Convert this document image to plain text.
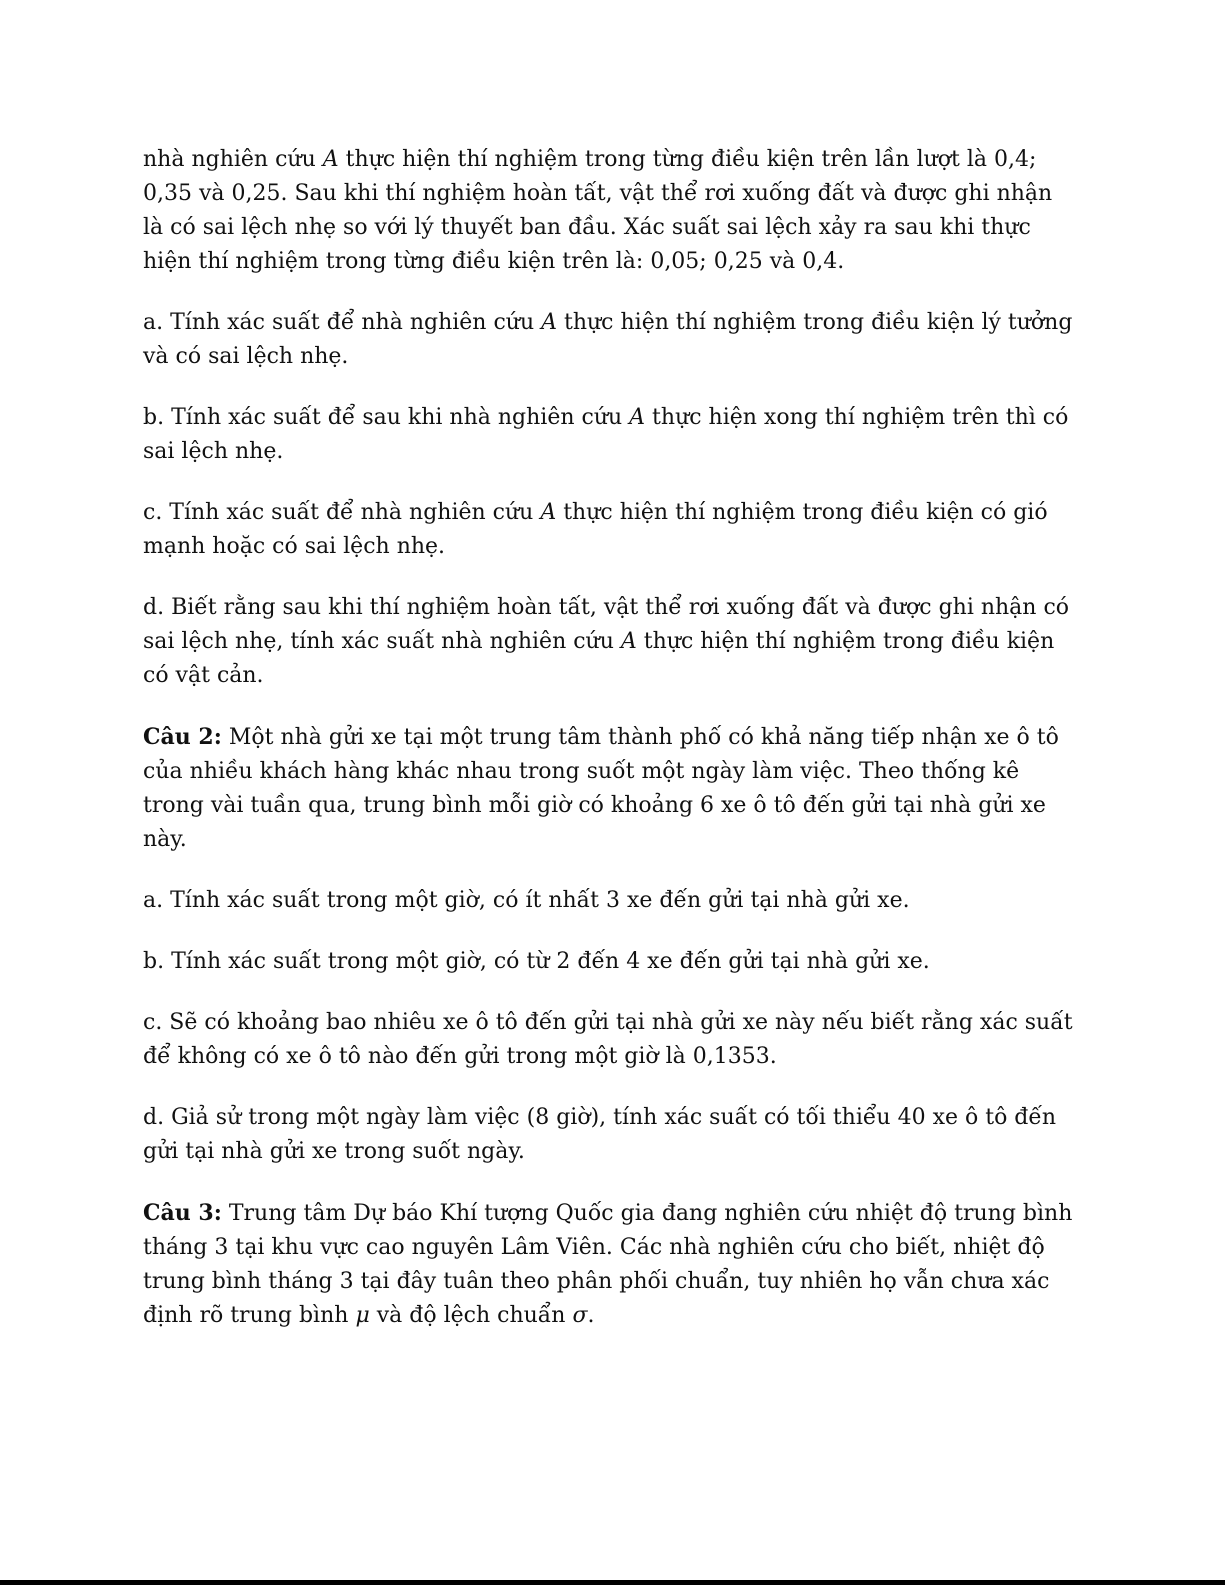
nhà nghiên cứu A thực hiện thí nghiệm trong từng điều kiện trên lần lượt là 0,4; 0,35 và 0,25. Sau khi thí nghiệm hoàn tất, vật thể rơi xuống đất và được ghi nhận là có sai lệch nhẹ so với lý thuyết ban đầu. Xác suất sai lệch xảy ra sau khi thực hiện thí nghiệm trong từng điều kiện trên là: 0,05; 0,25 và 0,4.

a. Tính xác suất để nhà nghiên cứu A thực hiện thí nghiệm trong điều kiện lý tưởng và có sai lệch nhẹ.

b. Tính xác suất để sau khi nhà nghiên cứu A thực hiện xong thí nghiệm trên thì có sai lệch nhẹ.

c. Tính xác suất để nhà nghiên cứu A thực hiện thí nghiệm trong điều kiện có gió mạnh hoặc có sai lệch nhẹ.

d. Biết rằng sau khi thí nghiệm hoàn tất, vật thể rơi xuống đất và được ghi nhận có sai lệch nhẹ, tính xác suất nhà nghiên cứu A thực hiện thí nghiệm trong điều kiện có vật cản.

Câu 2: Một nhà gửi xe tại một trung tâm thành phố có khả năng tiếp nhận xe ô tô của nhiều khách hàng khác nhau trong suốt một ngày làm việc. Theo thống kê trong vài tuần qua, trung bình mỗi giờ có khoảng 6 xe ô tô đến gửi tại nhà gửi xe này.

a. Tính xác suất trong một giờ, có ít nhất 3 xe đến gửi tại nhà gửi xe.

b. Tính xác suất trong một giờ, có từ 2 đến 4 xe đến gửi tại nhà gửi xe.

c. Sẽ có khoảng bao nhiêu xe ô tô đến gửi tại nhà gửi xe này nếu biết rằng xác suất để không có xe ô tô nào đến gửi trong một giờ là 0,1353.

d. Giả sử trong một ngày làm việc (8 giờ), tính xác suất có tối thiểu 40 xe ô tô đến gửi tại nhà gửi xe trong suốt ngày.

Câu 3: Trung tâm Dự báo Khí tượng Quốc gia đang nghiên cứu nhiệt độ trung bình tháng 3 tại khu vực cao nguyên Lâm Viên. Các nhà nghiên cứu cho biết, nhiệt độ trung bình tháng 3 tại đây tuân theo phân phối chuẩn, tuy nhiên họ vẫn chưa xác định rõ trung bình μ và độ lệch chuẩn σ.
